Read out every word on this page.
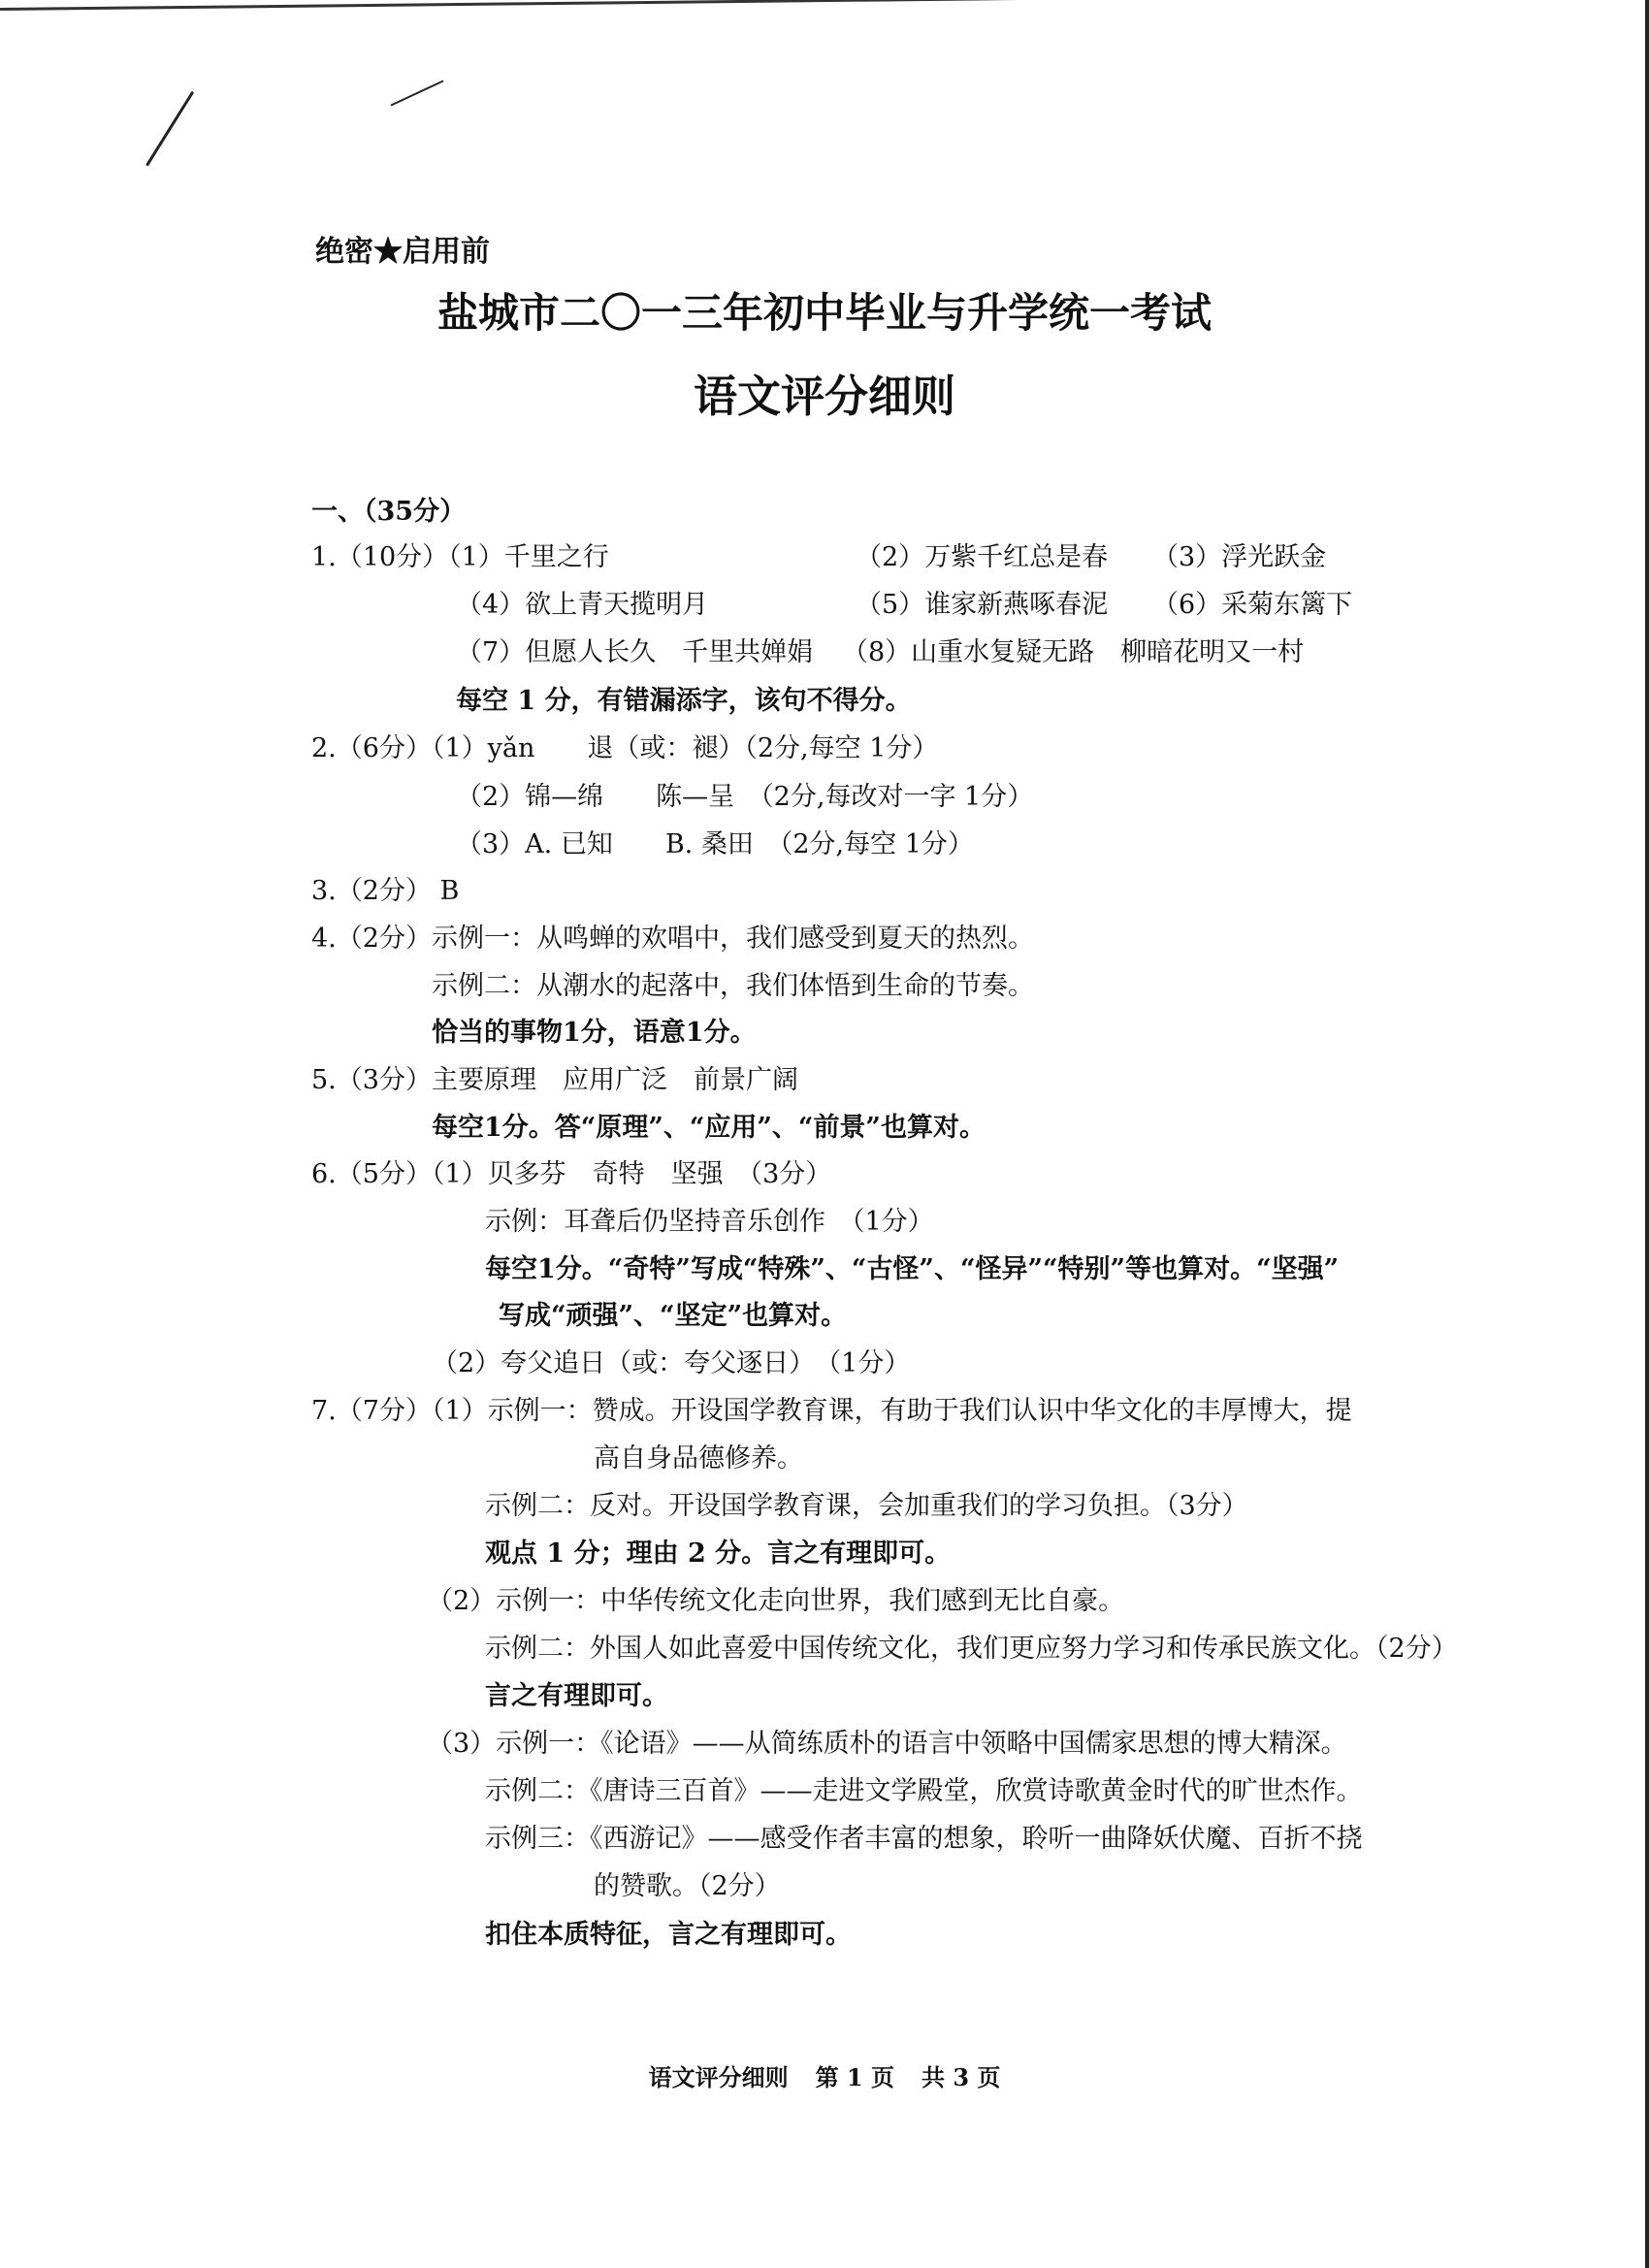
绝密★启用前
盐城市二〇一三年初中毕业与升学统一考试
语文评分细则
一、（35分）
1.（10分）（1）千里之行	（2）万紫千红总是春 （3）浮光跃金
（4）欲上青天揽明月	（5）谁家新燕啄春泥 （6）采菊东篱下
（7）但愿人长久　千里共婵娟 （8）山重水复疑无路　柳暗花明又一村
每空 1 分，有错漏添字，该句不得分。
2.（6分）（1）yǎn　　退（或：褪）（2分,每空 1分）
（2）锦—绵　　陈—呈　（2分,每改对一字 1分）
（3）A. 已知　　B. 桑田　（2分,每空 1分）
3.（2分） B
4.（2分）示例一：从鸣蝉的欢唱中，我们感受到夏天的热烈。
示例二：从潮水的起落中，我们体悟到生命的节奏。
恰当的事物1分，语意1分。
5.（3分）主要原理　应用广泛　前景广阔
每空1分。答“原理”、“应用”、“前景”也算对。
6.（5分）（1）贝多芬　奇特　坚强　（3分）
示例：耳聋后仍坚持音乐创作　（1分）
每空1分。“奇特”写成“特殊”、“古怪”、“怪异”“特别”等也算对。“坚强”
写成“顽强”、“坚定”也算对。
（2）夸父追日（或：夸父逐日）　（1分）
7.（7分）（1）示例一：赞成。开设国学教育课，有助于我们认识中华文化的丰厚博大，提
高自身品德修养。
示例二：反对。开设国学教育课，会加重我们的学习负担。（3分）
观点 1 分；理由 2 分。言之有理即可。
（2）示例一：中华传统文化走向世界，我们感到无比自豪。
示例二：外国人如此喜爱中国传统文化，我们更应努力学习和传承民族文化。（2分）
言之有理即可。
（3）示例一：《论语》——从简练质朴的语言中领略中国儒家思想的博大精深。
示例二：《唐诗三百首》——走进文学殿堂，欣赏诗歌黄金时代的旷世杰作。
示例三：《西游记》——感受作者丰富的想象，聆听一曲降妖伏魔、百折不挠
的赞歌。（2分）
扣住本质特征，言之有理即可。
语文评分细则 第 1 页 共 3 页
